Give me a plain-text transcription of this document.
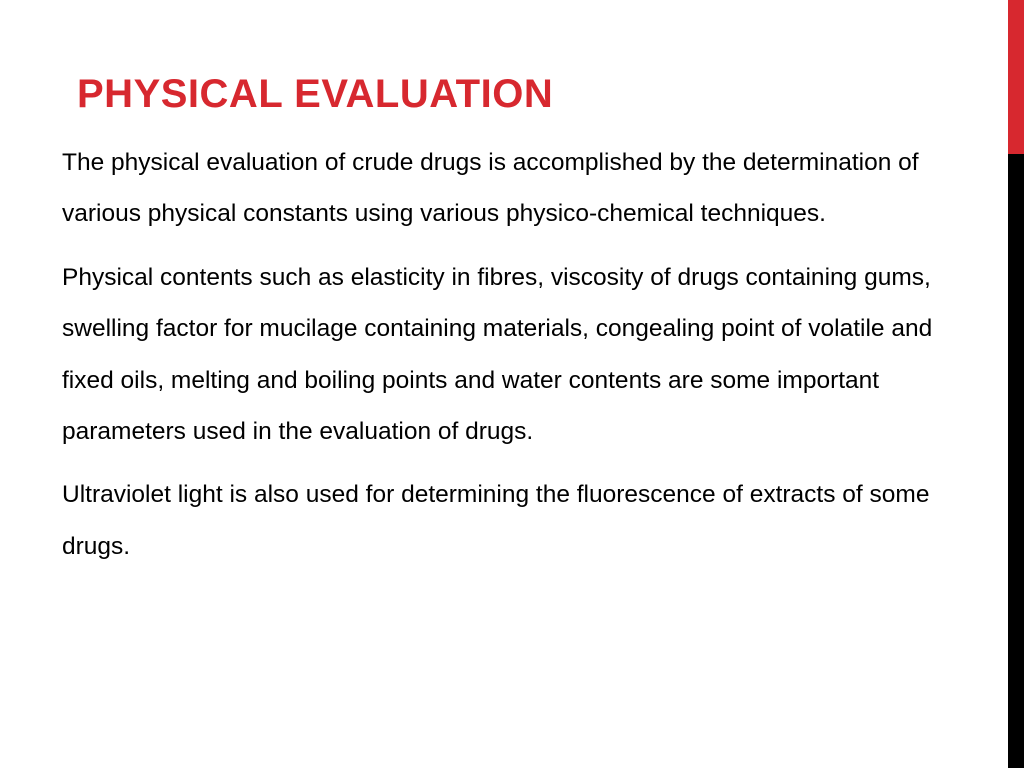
PHYSICAL EVALUATION

The physical evaluation of crude drugs is accomplished by the determination of various physical constants using various physico-chemical techniques.

Physical contents such as elasticity in fibres, viscosity of drugs containing gums, swelling factor for mucilage containing materials, congealing point of volatile and fixed oils, melting and boiling points and water contents are some important parameters used in the evaluation of drugs.

Ultraviolet light is also used for determining the fluorescence of extracts of some drugs.
